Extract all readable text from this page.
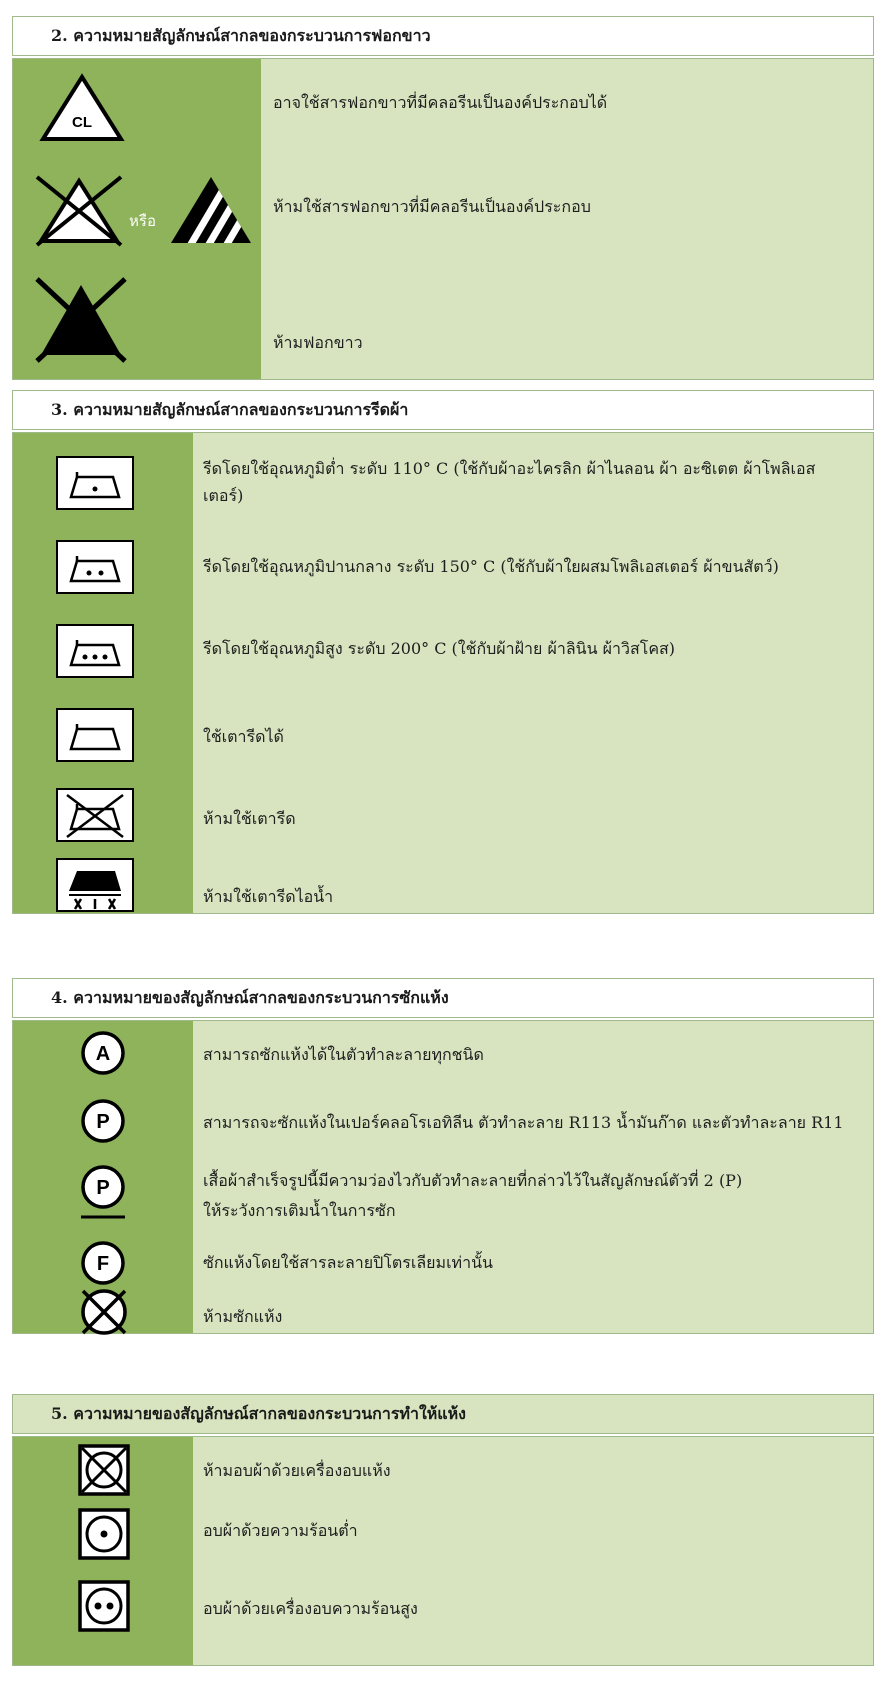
2. ความหมายสัญลักษณ์สากลของกระบวนการฟอกขาว
CL
อาจใช้สารฟอกขาวที่มีคลอรีนเป็นองค์ประกอบได้
หรือ
ห้ามใช้สารฟอกขาวที่มีคลอรีนเป็นองค์ประกอบ
ห้ามฟอกขาว
3. ความหมายสัญลักษณ์สากลของกระบวนการรีดผ้า
รีดโดยใช้อุณหภูมิต่ำ ระดับ 110° C (ใช้กับผ้าอะไครลิก ผ้าไนลอน ผ้า อะซิเตต ผ้าโพลิเอสเตอร์)
รีดโดยใช้อุณหภูมิปานกลาง ระดับ 150° C (ใช้กับผ้าใยผสมโพลิเอสเตอร์ ผ้าขนสัตว์)
รีดโดยใช้อุณหภูมิสูง ระดับ 200° C (ใช้กับผ้าฝ้าย ผ้าลินิน ผ้าวิสโคส)
ใช้เตารีดได้
ห้ามใช้เตารีด
ห้ามใช้เตารีดไอน้ำ
4. ความหมายของสัญลักษณ์สากลของกระบวนการซักแห้ง
A	สามารถซักแห้งได้ในตัวทำละลายทุกชนิด
P	สามารถจะซักแห้งในเปอร์คลอโรเอทิลีน ตัวทำละลาย R113 น้ำมันก๊าด และตัวทำละลาย R11
P	เสื้อผ้าสำเร็จรูปนี้มีความว่องไวกับตัวทำละลายที่กล่าวไว้ในสัญลักษณ์ตัวที่ 2 (P)
ให้ระวังการเติมน้ำในการซัก
F	ซักแห้งโดยใช้สารละลายปิโตรเลียมเท่านั้น
ห้ามซักแห้ง
5. ความหมายของสัญลักษณ์สากลของกระบวนการทำให้แห้ง
ห้ามอบผ้าด้วยเครื่องอบแห้ง
อบผ้าด้วยความร้อนต่ำ
อบผ้าด้วยเครื่องอบความร้อนสูง
